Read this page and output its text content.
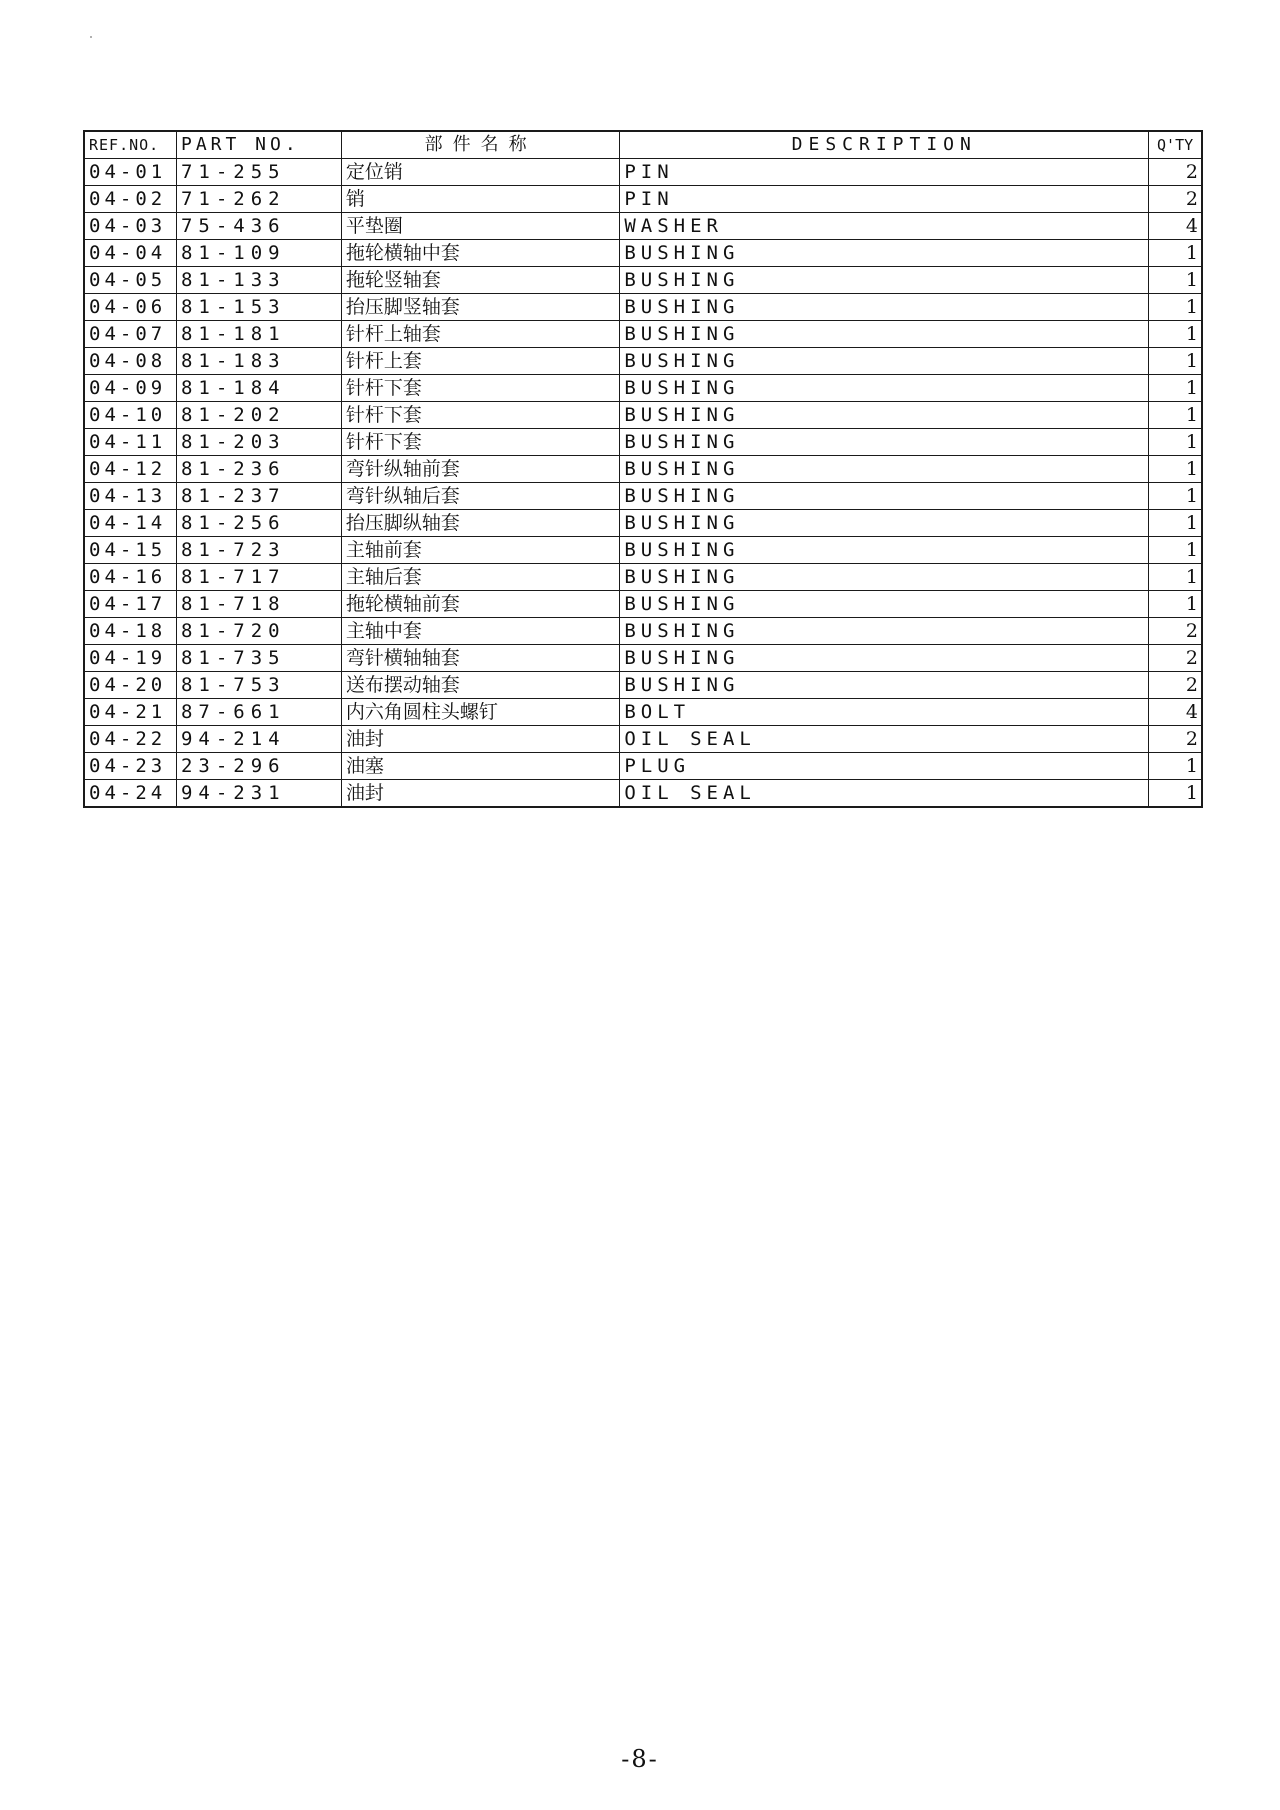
REF.NO.	PART NO.	部件名称	DESCRIPTION	Q'TY
04-01	71-255	定位销	PIN	2
04-02	71-262	销	PIN	2
04-03	75-436	平垫圈	WASHER	4
04-04	81-109	拖轮横轴中套	BUSHING	1
04-05	81-133	拖轮竖轴套	BUSHING	1
04-06	81-153	抬压脚竖轴套	BUSHING	1
04-07	81-181	针杆上轴套	BUSHING	1
04-08	81-183	针杆上套	BUSHING	1
04-09	81-184	针杆下套	BUSHING	1
04-10	81-202	针杆下套	BUSHING	1
04-11	81-203	针杆下套	BUSHING	1
04-12	81-236	弯针纵轴前套	BUSHING	1
04-13	81-237	弯针纵轴后套	BUSHING	1
04-14	81-256	抬压脚纵轴套	BUSHING	1
04-15	81-723	主轴前套	BUSHING	1
04-16	81-717	主轴后套	BUSHING	1
04-17	81-718	拖轮横轴前套	BUSHING	1
04-18	81-720	主轴中套	BUSHING	2
04-19	81-735	弯针横轴轴套	BUSHING	2
04-20	81-753	送布摆动轴套	BUSHING	2
04-21	87-661	内六角圆柱头螺钉	BOLT	4
04-22	94-214	油封	OIL SEAL	2
04-23	23-296	油塞	PLUG	1
04-24	94-231	油封	OIL SEAL	1
-8-
